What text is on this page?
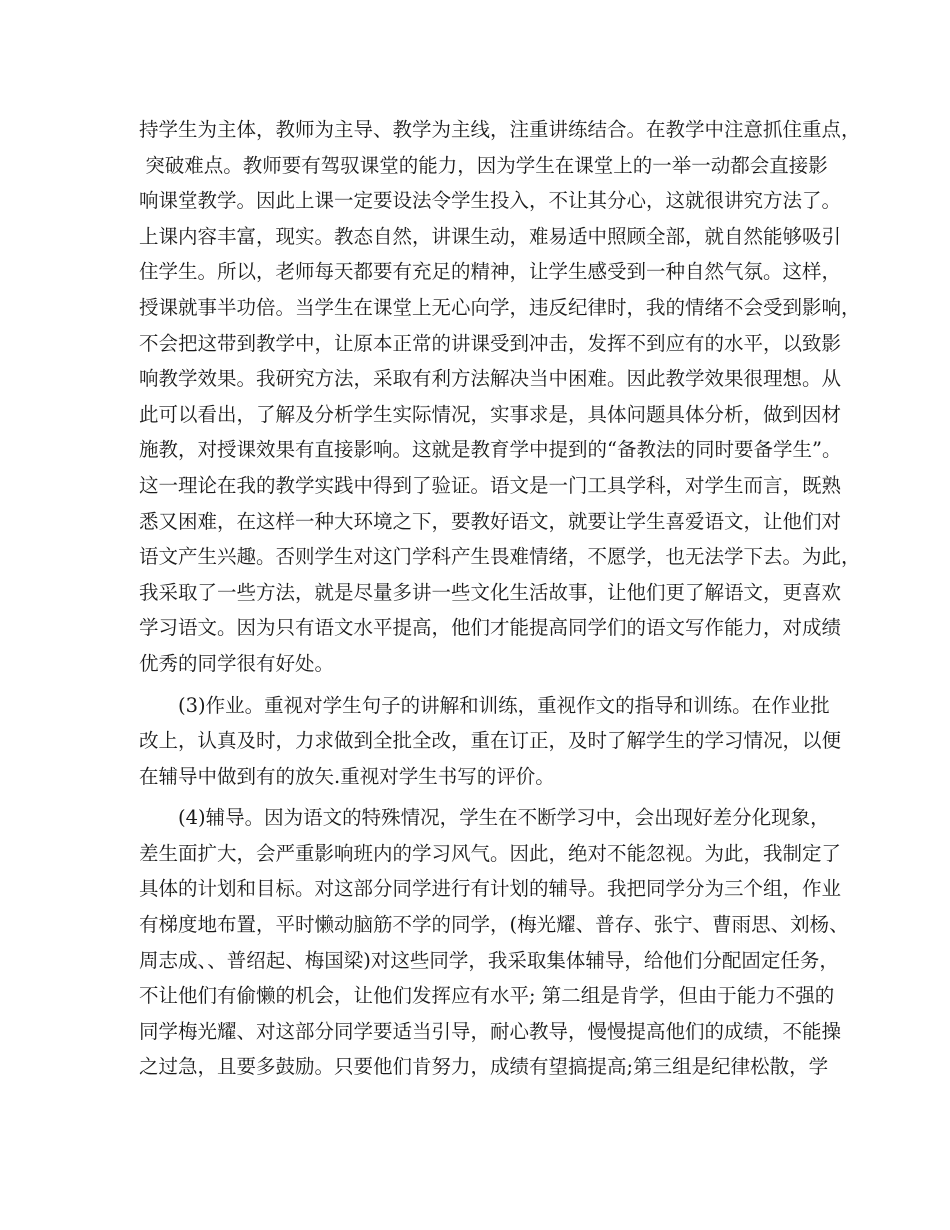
持学生为主体，教师为主导、教学为主线，注重讲练结合。在教学中注意抓住重点，
突破难点。教师要有驾驭课堂的能力，因为学生在课堂上的一举一动都会直接影
响课堂教学。因此上课一定要设法令学生投入，不让其分心，这就很讲究方法了。
上课内容丰富，现实。教态自然，讲课生动，难易适中照顾全部，就自然能够吸引
住学生。所以，老师每天都要有充足的精神，让学生感受到一种自然气氛。这样，
授课就事半功倍。当学生在课堂上无心向学，违反纪律时，我的情绪不会受到影响，
不会把这带到教学中，让原本正常的讲课受到冲击，发挥不到应有的水平，以致影
响教学效果。我研究方法，采取有利方法解决当中困难。因此教学效果很理想。从
此可以看出，了解及分析学生实际情况，实事求是，具体问题具体分析，做到因材
施教，对授课效果有直接影响。这就是教育学中提到的“备教法的同时要备学生”。
这一理论在我的教学实践中得到了验证。语文是一门工具学科，对学生而言，既熟
悉又困难，在这样一种大环境之下，要教好语文，就要让学生喜爱语文，让他们对
语文产生兴趣。否则学生对这门学科产生畏难情绪，不愿学，也无法学下去。为此，
我采取了一些方法，就是尽量多讲一些文化生活故事，让他们更了解语文，更喜欢
学习语文。因为只有语文水平提高，他们才能提高同学们的语文写作能力，对成绩
优秀的同学很有好处。
(3)作业。重视对学生句子的讲解和训练，重视作文的指导和训练。在作业批
改上，认真及时，力求做到全批全改，重在订正，及时了解学生的学习情况，以便
在辅导中做到有的放矢.重视对学生书写的评价。
(4)辅导。因为语文的特殊情况，学生在不断学习中，会出现好差分化现象，
差生面扩大，会严重影响班内的学习风气。因此，绝对不能忽视。为此，我制定了
具体的计划和目标。对这部分同学进行有计划的辅导。我把同学分为三个组，作业
有梯度地布置，平时懒动脑筋不学的同学，(梅光耀、普存、张宁、曹雨思、刘杨、
周志成、、普绍起、梅国梁)对这些同学，我采取集体辅导，给他们分配固定任务，
不让他们有偷懒的机会，让他们发挥应有水平; 第二组是肯学，但由于能力不强的
同学梅光耀、对这部分同学要适当引导，耐心教导，慢慢提高他们的成绩，不能操
之过急，且要多鼓励。只要他们肯努力，成绩有望搞提高;第三组是纪律松散，学
